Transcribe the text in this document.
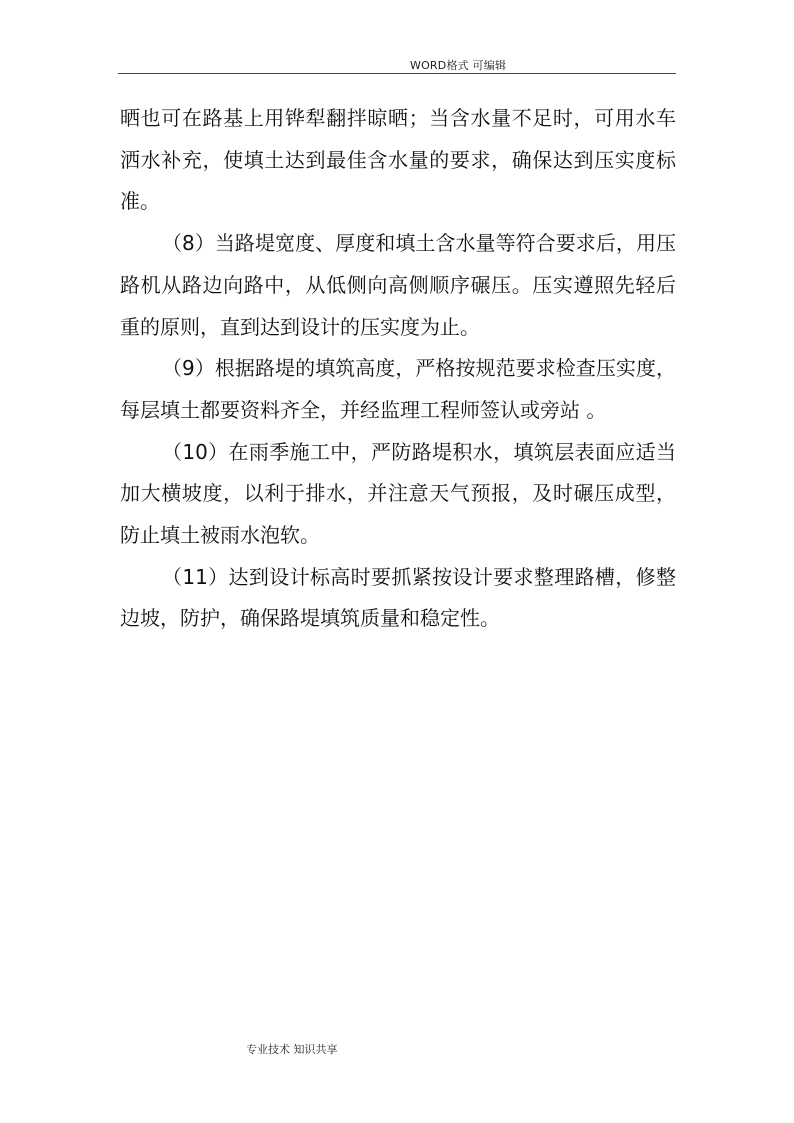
WORD格式 可编辑

晒也可在路基上用铧犁翻拌晾晒；当含水量不足时，可用水车洒水补充，使填土达到最佳含水量的要求，确保达到压实度标准。

（8）当路堤宽度、厚度和填土含水量等符合要求后，用压路机从路边向路中，从低侧向高侧顺序碾压。压实遵照先轻后重的原则，直到达到设计的压实度为止。

（9）根据路堤的填筑高度，严格按规范要求检查压实度，每层填土都要资料齐全，并经监理工程师签认或旁站 。

（10）在雨季施工中，严防路堤积水，填筑层表面应适当加大横坡度，以利于排水，并注意天气预报，及时碾压成型，防止填土被雨水泡软。

（11）达到设计标高时要抓紧按设计要求整理路槽，修整边坡，防护，确保路堤填筑质量和稳定性。

专业技术 知识共享
